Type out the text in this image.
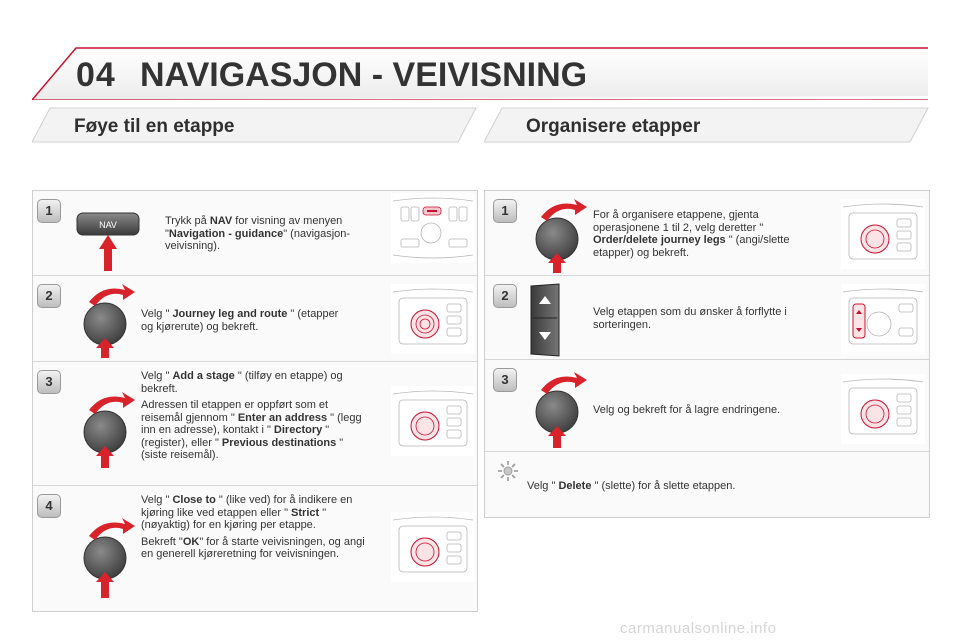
04 NAVIGASJON - VEIVISNING
Føye til en etappe	Organisere etapper
1
NAV	Trykk på NAV for visning av menyen "Navigation - guidance" (navigasjon-veivisning).
2
Velg " Journey leg and route " (etapper og kjørerute) og bekreft.
3	Velg " Add a stage " (tilføy en etappe) og bekreft.

Adressen til etappen er oppført som et reisemål gjennom " Enter an address " (legg inn en adresse), kontakt i " Directory " (register), eller " Previous destinations " (siste reisemål).

4	Velg " Close to " (like ved) for å indikere en kjøring like ved etappen eller " Strict " (nøyaktig) for en kjøring per etappe.

Bekreft "OK" for å starte veivisningen, og angi en generell kjøreretning for veivisningen.

1	For å organisere etappene, gjenta operasjonene 1 til 2, velg deretter " Order/delete journey legs " (angi/slette etapper) og bekreft.
2
Velg etappen som du ønsker å forflytte i sorteringen.
3
Velg og bekreft for å lagre endringene.
Velg " Delete " (slette) for å slette etappen.
carmanualsonline.info
